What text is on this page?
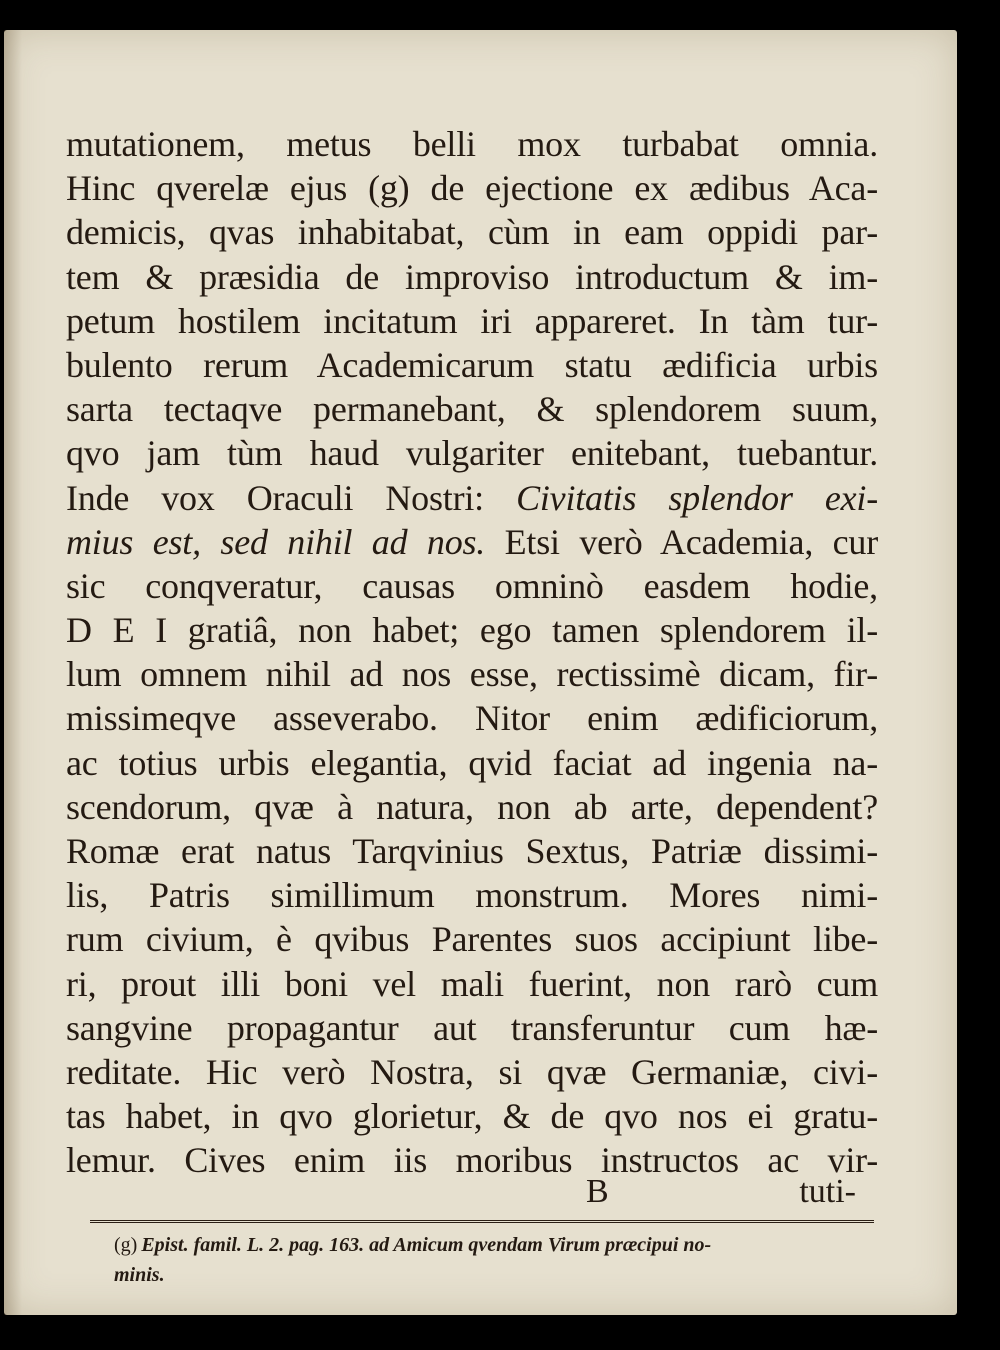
mutationem, metus belli mox turbabat omnia.
Hinc qverelæ ejus (g) de ejectione ex ædibus Aca-
demicis, qvas inhabitabat, cùm in eam oppidi par-
tem & præsidia de improviso introductum & im-
petum hostilem incitatum iri appareret. In tàm tur-
bulento rerum Academicarum statu ædificia urbis
sarta tectaqve permanebant, & splendorem suum,
qvo jam tùm haud vulgariter enitebant, tuebantur.
Inde vox Oraculi Nostri: Civitatis splendor exi-
mius est, sed nihil ad nos. Etsi verò Academia, cur
sic conqveratur, causas omninò easdem hodie,
D E I gratiâ, non habet; ego tamen splendorem il-
lum omnem nihil ad nos esse, rectissimè dicam, fir-
missimeqve asseverabo. Nitor enim ædificiorum,
ac totius urbis elegantia, qvid faciat ad ingenia na-
scendorum, qvæ à natura, non ab arte, dependent?
Romæ erat natus Tarqvinius Sextus, Patriæ dissimi-
lis, Patris simillimum monstrum. Mores nimi-
rum civium, è qvibus Parentes suos accipiunt libe-
ri, prout illi boni vel mali fuerint, non rarò cum
sangvine propagantur aut transferuntur cum hæ-
reditate. Hic verò Nostra, si qvæ Germaniæ, civi-
tas habet, in qvo glorietur, & de qvo nos ei gratu-
lemur. Cives enim iis moribus instructos ac vir-
B	tuti-
(g) Epist. famil. L. 2. pag. 163. ad Amicum qvendam Virum præcipui no-
minis.
